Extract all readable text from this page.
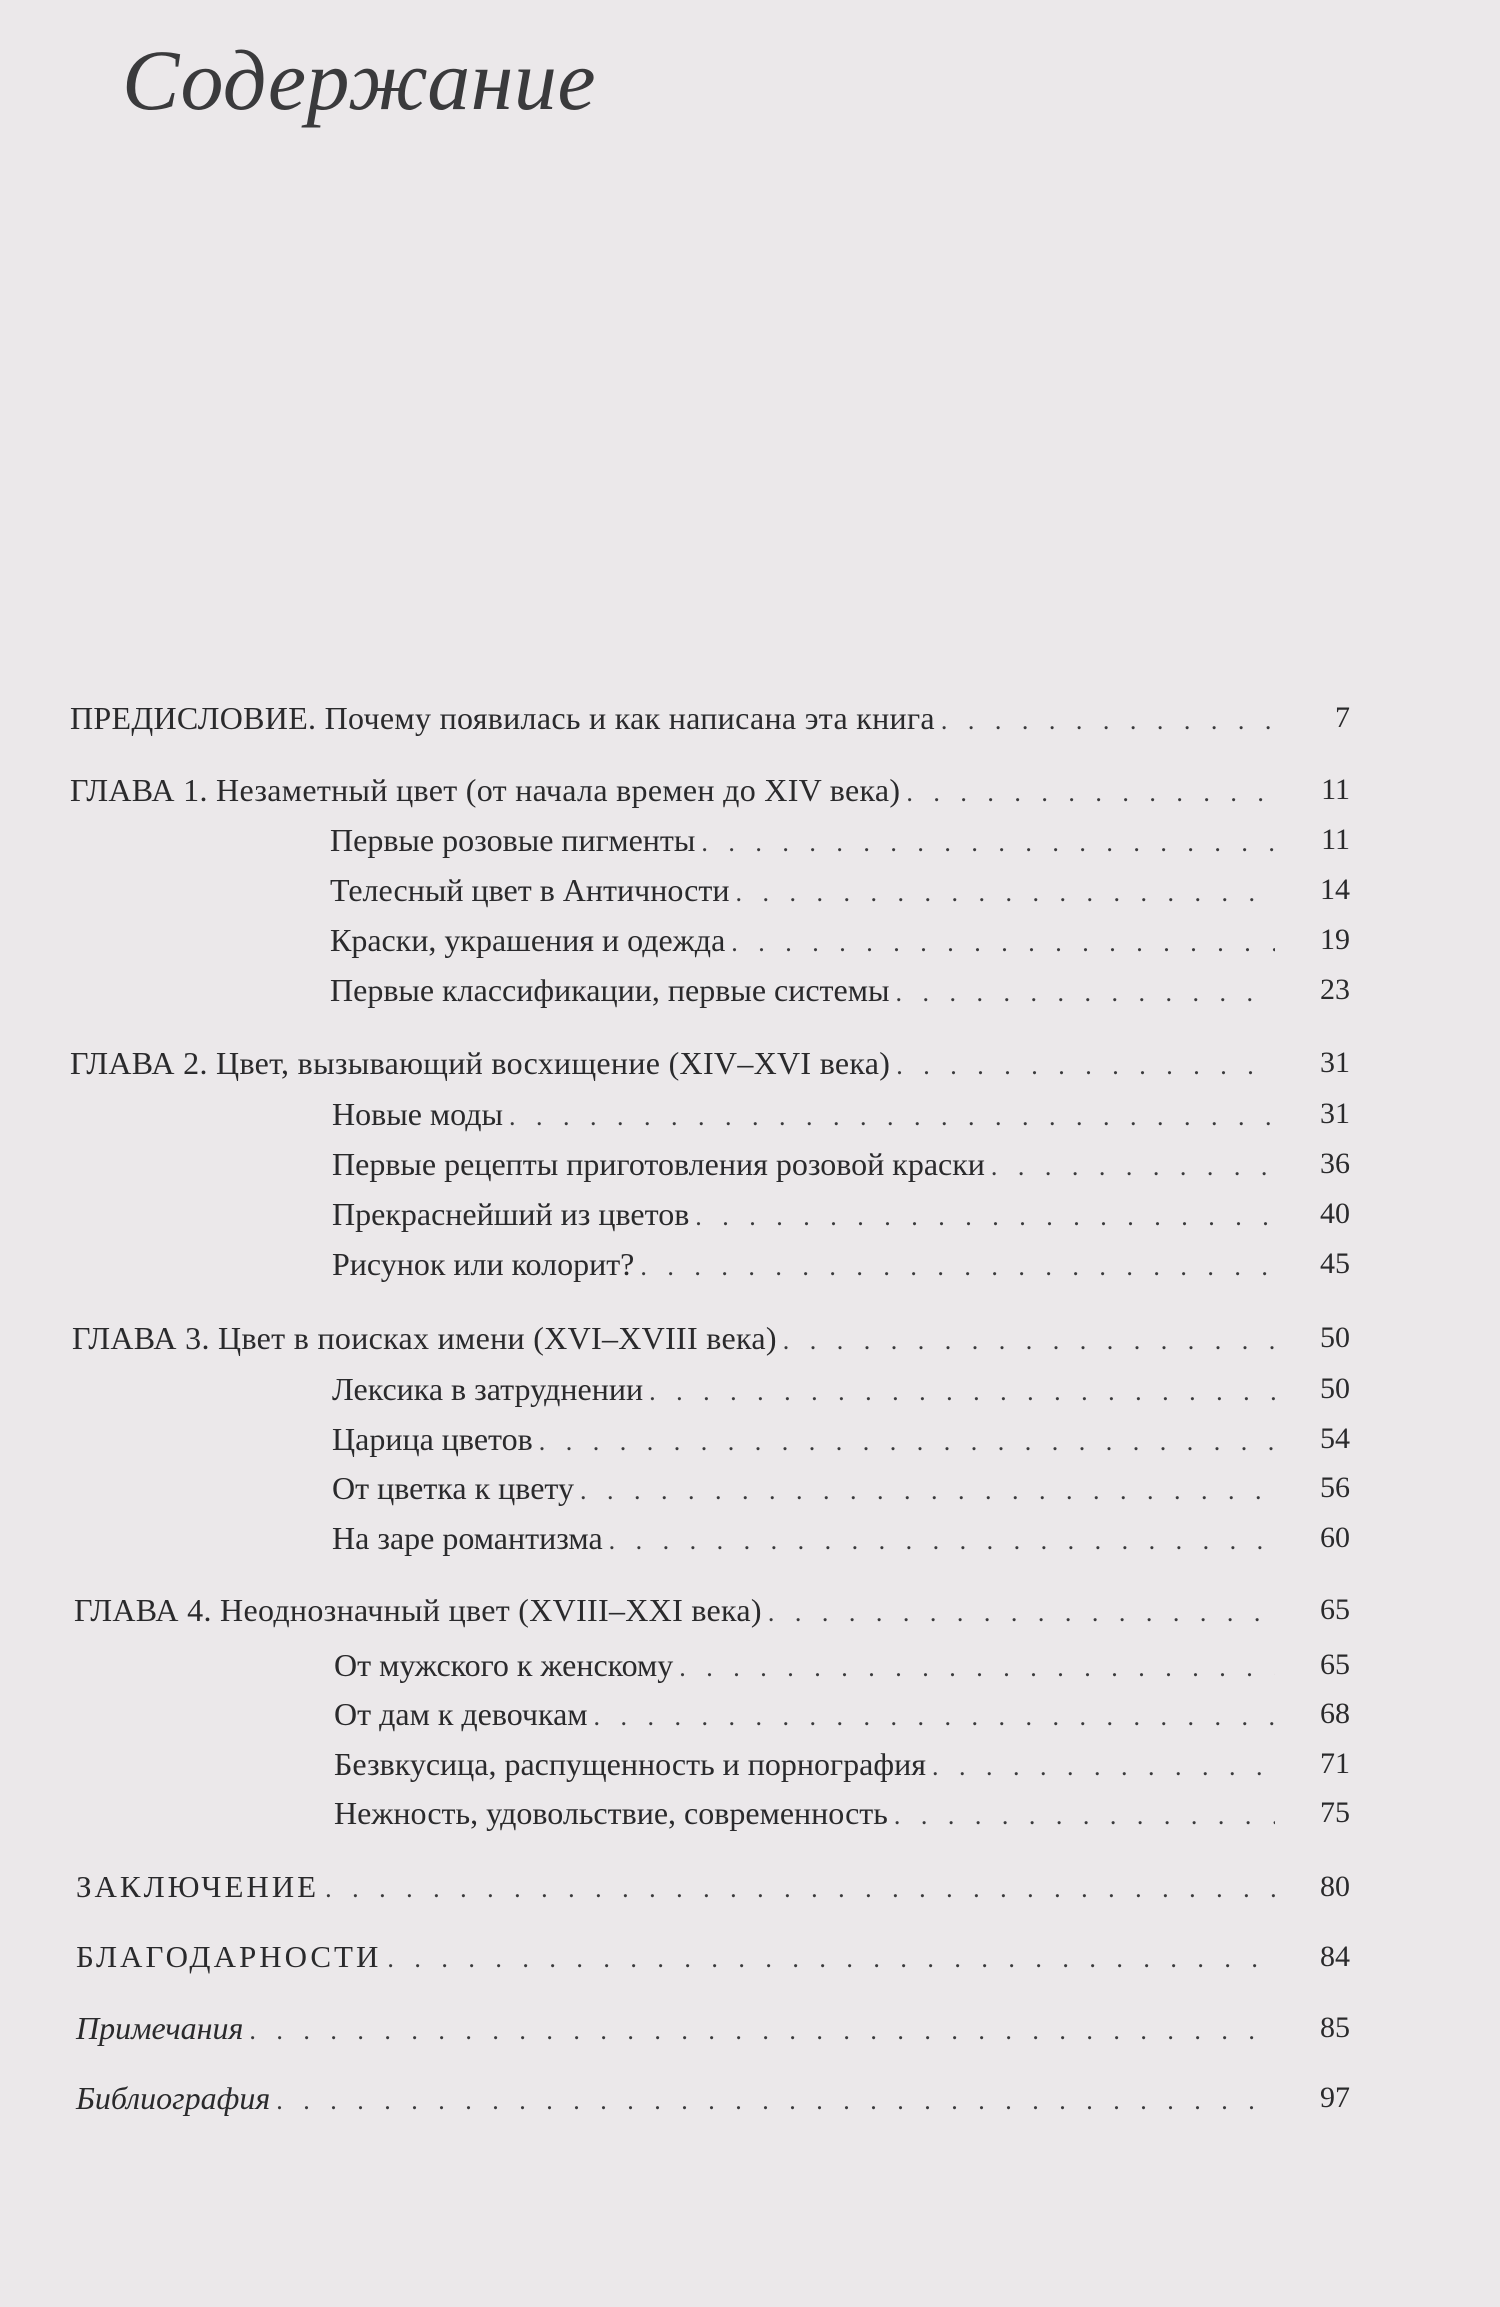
Содержание
ПРЕДИСЛОВИЕ. Почему появилась и как написана эта книга . . .	7
ГЛАВА 1. Незаметный цвет (от начала времен до XIV века) . . .	11
Первые розовые пигменты . . .	11
Телесный цвет в Античности . . .	14
Краски, украшения и одежда . . .	19
Первые классификации, первые системы . . .	23
ГЛАВА 2. Цвет, вызывающий восхищение (XIV–XVI века) . . .	31
Новые моды . . .	31
Первые рецепты приготовления розовой краски . . .	36
Прекраснейший из цветов . . .	40
Рисунок или колорит? . . .	45
ГЛАВА 3. Цвет в поисках имени (XVI–XVIII века) . . .	50
Лексика в затруднении . . .	50
Царица цветов . . .	54
От цветка к цвету . . .	56
На заре романтизма . . .	60
ГЛАВА 4. Неоднозначный цвет (XVIII–XXI века) . . .	65
От мужского к женскому . . .	65
От дам к девочкам . . .	68
Безвкусица, распущенность и порнография . . .	71
Нежность, удовольствие, современность . . .	75
ЗАКЛЮЧЕНИЕ . . .	80
БЛАГОДАРНОСТИ . . .	84
Примечания . . .	85
Библиография . . .	97
